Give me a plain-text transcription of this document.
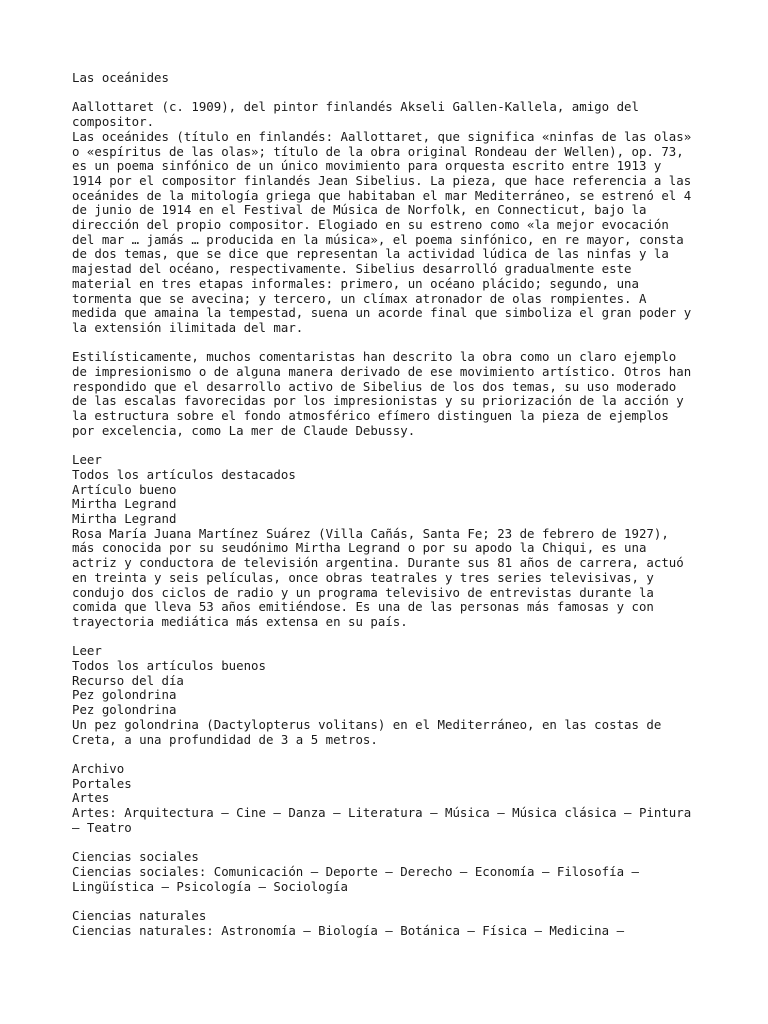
Las oceánides
Aallottaret (c. 1909), del pintor finlandés Akseli Gallen-Kallela, amigo del
compositor.
Las oceánides (título en finlandés: Aallottaret, que significa «ninfas de las olas»
o «espíritus de las olas»; título de la obra original Rondeau der Wellen), op. 73,
es un poema sinfónico de un único movimiento para orquesta escrito entre 1913 y
1914 por el compositor finlandés Jean Sibelius. La pieza, que hace referencia a las
oceánides de la mitología griega que habitaban el mar Mediterráneo, se estrenó el 4
de junio de 1914 en el Festival de Música de Norfolk, en Connecticut, bajo la
dirección del propio compositor. Elogiado en su estreno como «la mejor evocación
del mar … jamás … producida en la música», el poema sinfónico, en re mayor, consta
de dos temas, que se dice que representan la actividad lúdica de las ninfas y la
majestad del océano, respectivamente. Sibelius desarrolló gradualmente este
material en tres etapas informales: primero, un océano plácido; segundo, una
tormenta que se avecina; y tercero, un clímax atronador de olas rompientes. A
medida que amaina la tempestad, suena un acorde final que simboliza el gran poder y
la extensión ilimitada del mar.
Estilísticamente, muchos comentaristas han descrito la obra como un claro ejemplo
de impresionismo o de alguna manera derivado de ese movimiento artístico. Otros han
respondido que el desarrollo activo de Sibelius de los dos temas, su uso moderado
de las escalas favorecidas por los impresionistas y su priorización de la acción y
la estructura sobre el fondo atmosférico efímero distinguen la pieza de ejemplos
por excelencia, como La mer de Claude Debussy.
Leer
Todos los artículos destacados
Artículo bueno
Mirtha Legrand
Mirtha Legrand
Rosa María Juana Martínez Suárez (Villa Cañás, Santa Fe; 23 de febrero de 1927),
más conocida por su seudónimo Mirtha Legrand o por su apodo la Chiqui, es una
actriz y conductora de televisión argentina. Durante sus 81 años de carrera, actuó
en treinta y seis películas, once obras teatrales y tres series televisivas, y
condujo dos ciclos de radio y un programa televisivo de entrevistas durante la
comida que lleva 53 años emitiéndose. Es una de las personas más famosas y con
trayectoria mediática más extensa en su país.
Leer
Todos los artículos buenos
Recurso del día
Pez golondrina
Pez golondrina
Un pez golondrina (Dactylopterus volitans) en el Mediterráneo, en las costas de
Creta, a una profundidad de 3 a 5 metros.
Archivo
Portales
Artes
Artes: Arquitectura – Cine – Danza – Literatura – Música – Música clásica – Pintura
– Teatro
Ciencias sociales
Ciencias sociales: Comunicación – Deporte – Derecho – Economía – Filosofía –
Lingüística – Psicología – Sociología
Ciencias naturales
Ciencias naturales: Astronomía – Biología – Botánica – Física – Medicina –
